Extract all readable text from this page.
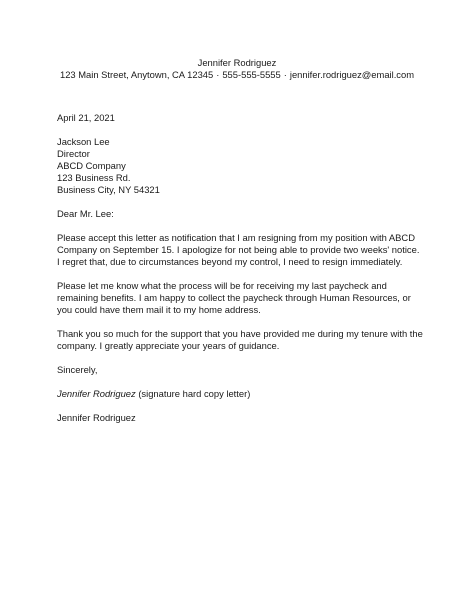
Jennifer Rodriguez
123 Main Street, Anytown, CA 12345 · 555-555-5555 · jennifer.rodriguez@email.com

April 21, 2021

Jackson Lee
Director
ABCD Company
123 Business Rd.
Business City, NY 54321

Dear Mr. Lee:

Please accept this letter as notification that I am resigning from my position with ABCD Company on September 15. I apologize for not being able to provide two weeks' notice. I regret that, due to circumstances beyond my control, I need to resign immediately.

Please let me know what the process will be for receiving my last paycheck and remaining benefits. I am happy to collect the paycheck through Human Resources, or you could have them mail it to my home address.

Thank you so much for the support that you have provided me during my tenure with the company. I greatly appreciate your years of guidance.

Sincerely,

Jennifer Rodriguez (signature hard copy letter)

Jennifer Rodriguez
